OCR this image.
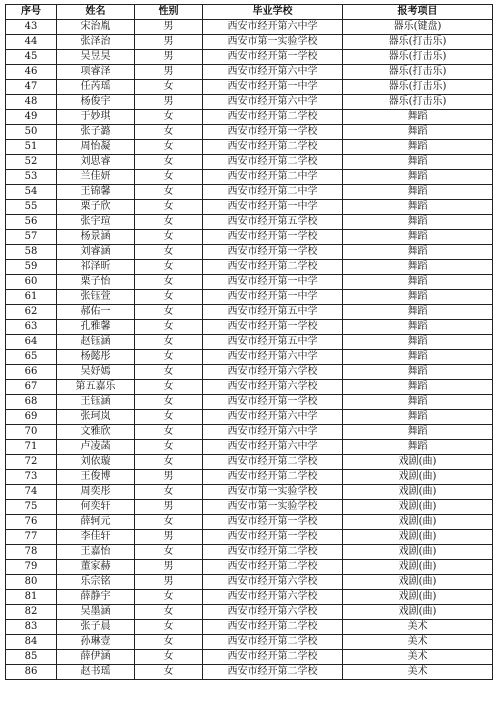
序号	姓名	性别	毕业学校	报考项目
43	宋治胤	男	西安市经开第六中学	器乐(键盘)
44	张泽治	男	西安市第一实验学校	器乐(打击乐)
45	吴昱昊	男	西安市经开第一学校	器乐(打击乐)
46	项睿泽	男	西安市经开第六中学	器乐(打击乐)
47	任芮瑶	女	西安市经开第一中学	器乐(打击乐)
48	杨俊宇	男	西安市经开第六中学	器乐(打击乐)
49	于妙琪	女	西安市经开第二学校	舞蹈
50	张子潞	女	西安市经开第一学校	舞蹈
51	周怡凝	女	西安市经开第二学校	舞蹈
52	刘思睿	女	西安市经开第二学校	舞蹈
53	兰佳妍	女	西安市经开第二中学	舞蹈
54	王锦馨	女	西安市经开第二中学	舞蹈
55	栗子欣	女	西安市经开第一中学	舞蹈
56	张宇瑄	女	西安市经开第五学校	舞蹈
57	杨景涵	女	西安市经开第一学校	舞蹈
58	刘睿涵	女	西安市经开第一学校	舞蹈
59	祁泽昕	女	西安市经开第二学校	舞蹈
60	栗子怡	女	西安市经开第一中学	舞蹈
61	张钰萱	女	西安市经开第一中学	舞蹈
62	郝佑一	女	西安市经开第五中学	舞蹈
63	孔雅馨	女	西安市经开第一学校	舞蹈
64	赵钰涵	女	西安市经开第五中学	舞蹈
65	杨懿彤	女	西安市经开第六中学	舞蹈
66	吴妤嫣	女	西安市经开第六学校	舞蹈
67	第五嘉乐	女	西安市经开第六学校	舞蹈
68	王钰涵	女	西安市经开第一学校	舞蹈
69	张珂岚	女	西安市经开第六中学	舞蹈
70	文雅欣	女	西安市经开第六中学	舞蹈
71	卢凌菡	女	西安市经开第六中学	舞蹈
72	刘依璇	女	西安市经开第二学校	戏剧(曲)
73	王俊博	男	西安市经开第二学校	戏剧(曲)
74	周奕彤	女	西安市第一实验学校	戏剧(曲)
75	何奕轩	男	西安市第一实验学校	戏剧(曲)
76	薛轲元	女	西安市经开第一学校	戏剧(曲)
77	李佳轩	男	西安市经开第一学校	戏剧(曲)
78	王嘉怡	女	西安市经开第二学校	戏剧(曲)
79	董家赫	男	西安市经开第二学校	戏剧(曲)
80	乐宗铭	男	西安市经开第六学校	戏剧(曲)
81	薛静宇	女	西安市经开第六学校	戏剧(曲)
82	吴墨涵	女	西安市经开第六学校	戏剧(曲)
83	张子晨	女	西安市经开第二学校	美术
84	孙琳壹	女	西安市经开第二学校	美术
85	薛伊涵	女	西安市经开第二学校	美术
86	赵书瑶	女	西安市经开第二学校	美术
